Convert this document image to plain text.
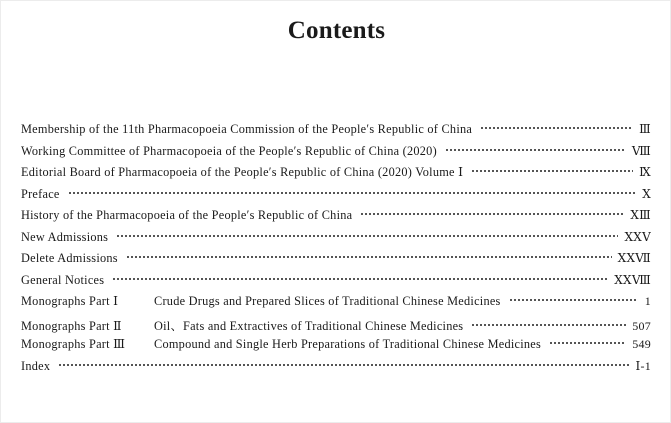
Contents
Membership of the 11th Pharmacopoeia Commission of the People′s Republic of China	Ⅲ
Working Committee of Pharmacopoeia of the People′s Republic of China (2020)	Ⅷ
Editorial Board of Pharmacopoeia of the People′s Republic of China (2020) Volume Ⅰ	Ⅸ
Preface	Ⅹ
History of the Pharmacopoeia of the People′s Republic of China	ⅩⅢ
New Admissions	ⅩⅩⅤ
Delete Admissions	ⅩⅩⅦ
General Notices	ⅩⅩⅧ
Monographs Part Ⅰ	Crude Drugs and Prepared Slices of Traditional Chinese Medicines	1
Monographs Part Ⅱ	Oil、Fats and Extractives of Traditional Chinese Medicines	507
Monographs Part Ⅲ	Compound and Single Herb Preparations of Traditional Chinese Medicines	549
Index	Ⅰ-1
